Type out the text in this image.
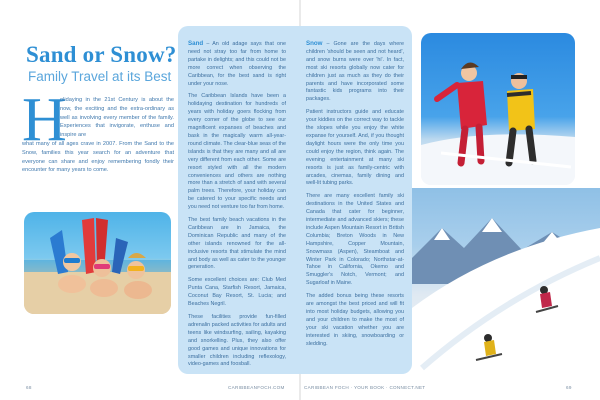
Sand or Snow?
Family Travel at its Best
H
olidaying in the 21st Century is about the now, the exciting and the extra-ordinary as well as involving every member of the family. Experiences that invigorate, enthuse and inspire are
what many of all ages crave in 2007. From the Sand to the Snow, families this year search for an adventure that everyone can share and enjoy remembering fondly their encounter for many years to come.

Sand – An old adage says that one need not stray too far from home to partake in delights; and this could not be more correct when observing the Caribbean, for the best sand is right under your nose.

The Caribbean Islands have been a holidaying destination for hundreds of years with holiday goers flocking from every corner of the globe to see our magnificent expanses of beaches and bask in the magically warm all-year-round climate. The clear-blue seas of the islands is that they are many and all are very different from each other. Some are resort styled with all the modern conveniences and others are nothing more than a stretch of sand with several palm trees. Therefore, your holiday can be catered to your specific needs and you need not venture too far from home.

The best family beach vacations in the Caribbean are in Jamaica, the Dominican Republic and many of the other islands renowned for the all-inclusive resorts that stimulate the mind and body as well as cater to the younger generation.

Some excellent choices are: Club Med Punta Cana, Starfish Resort, Jamaica, Coconut Bay Resort, St. Lucia; and Beaches Negril.

These facilities provide fun-filled adrenalin packed activities for adults and teens like windsurfing, sailing, kayaking and snorkelling. Plus, they also offer good games and unique innovations for smaller children including reflexology, video-games and foosball.

Snow – Gone are the days where children 'should be seen and not heard', and snow burns were over 'hi'. In fact, most ski resorts globally now cater for children just as much as they do their parents and have incorporated some fantastic kids programs into their packages.

Patient instructors guide and educate your kiddies on the correct way to tackle the slopes while you enjoy the white expanse for yourself. And, if you thought daylight hours were the only time you could enjoy the region, think again. The evening entertainment at many ski resorts is just as family-centric with arcades, cinemas, family dining and well-lit tubing parks.

There are many excellent family ski destinations in the United States and Canada that cater for beginner, intermediate and advanced skiers; these include Aspen Mountain Resort in British Columbia; Breton Woods in New Hampshire, Copper Mountain, Snowmass (Aspen), Steamboat and Winter Park in Colorado; Northstar-at-Tahoe in California, Okemo and Smuggler's Notch, Vermont; and Sugarloaf in Maine.

The added bonus being these resorts are amongst the best priced and will fit into most holiday budgets, allowing you and your children to make the most of your ski vacation whether you are interested in skiing, snowboarding or sledding.

68	CARIBBEANFOCH.COM	CARIBBEAN FOCH · YOUR BOOK · CONNECT.NET	69
